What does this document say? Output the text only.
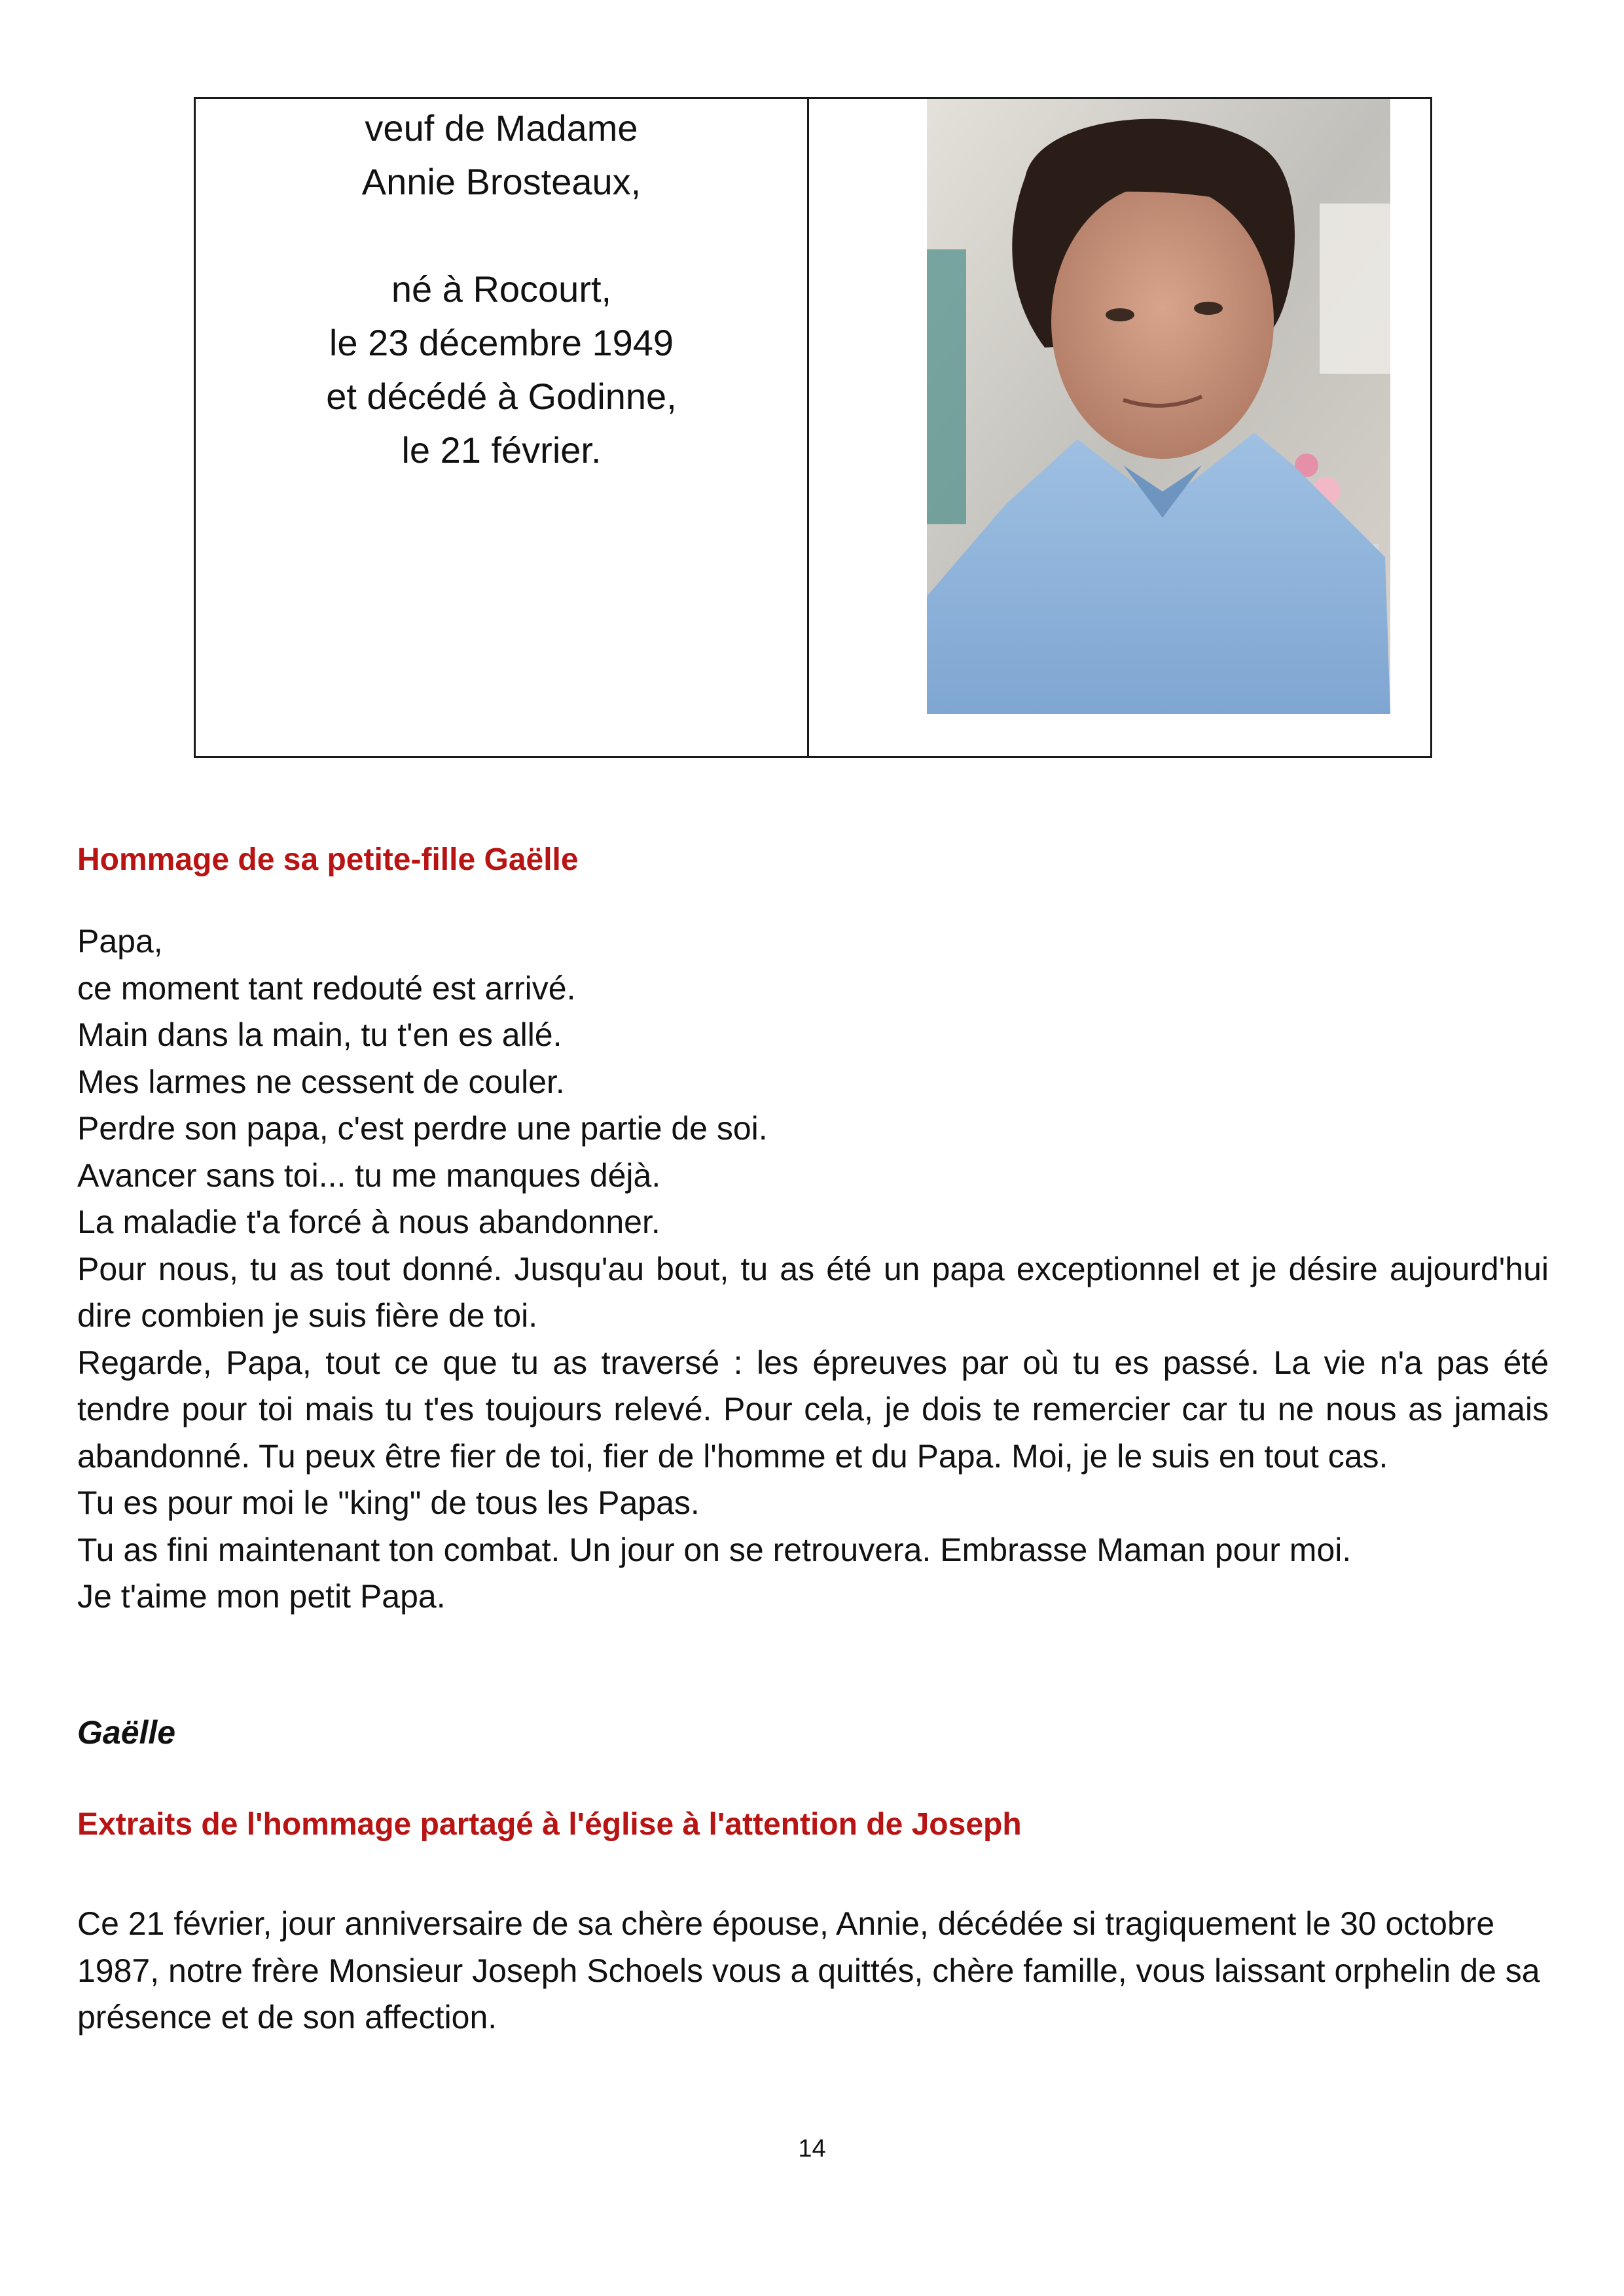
veuf de Madame
Annie Brosteaux,
né à Rocourt,
le 23 décembre 1949
et décédé à Godinne,
le 21 février.
Hommage de sa petite-fille Gaëlle

Papa,

ce moment tant redouté est arrivé.

Main dans la main, tu t'en es allé.

Mes larmes ne cessent de couler.

Perdre son papa, c'est perdre une partie de soi.

Avancer sans toi... tu me manques déjà.

La maladie t'a forcé à nous abandonner.

Pour nous, tu as tout donné. Jusqu'au bout, tu as été un papa exceptionnel et je désire aujourd'hui dire combien je suis fière de toi.

Regarde, Papa, tout ce que tu as traversé : les épreuves par où tu es passé. La vie n'a pas été tendre pour toi mais tu t'es toujours relevé. Pour cela, je dois te remercier car tu ne nous as jamais abandonné. Tu peux être fier de toi, fier de l'homme et du Papa. Moi, je le suis en tout cas.

Tu es pour moi le "king" de tous les Papas.

Tu as fini maintenant ton combat. Un jour on se retrouvera. Embrasse Maman pour moi.

Je t'aime mon petit Papa.

Gaëlle
Extraits de l'hommage partagé à l'église à l'attention de Joseph
Ce 21 février, jour anniversaire de sa chère épouse, Annie, décédée si tragiquement le 30 octobre 1987, notre frère Monsieur Joseph Schoels vous a quittés, chère famille, vous laissant orphelin de sa présence et de son affection.
14
